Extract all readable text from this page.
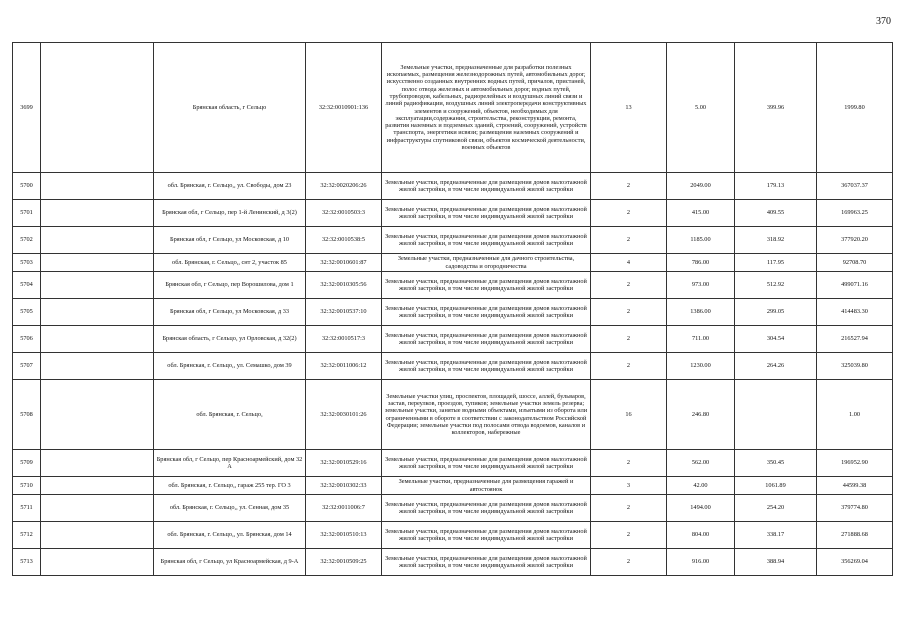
370
3699		Брянская область, г Сельцо	32:32:0010901:136	Земельные участки, предназначенные для разработки полезных ископаемых, размещения железнодорожных путей, автомобильных дорог, искусственно созданных внутренних водных путей, причалов, пристаней, полос отвода железных и автомобильных дорог, водных путей, трубопроводов, кабельных, радиорелейных и воздушных линий связи и линий радиофикации, воздушных линий электропередачи конструктивных элементов и сооружений, объектов, необходимых для эксплуатации,содержания, строительства, реконструкции, ремонта, развития наземных и подземных зданий, строений, сооружений, устройств транспорта, энергетики исвязи; размещения наземных сооружений и инфраструктуры спутниковой связи, объектов космической деятельности, военных объектов	13	5.00	399.96	1999.80
5700		обл. Брянская, г. Сельцо,, ул. Свободы, дом 23	32:32:0020206:26	Земельные участки, предназначенные для размещения домов малоэтажной жилой застройки, в том числе индивидуальной жилой застройки	2	2049.00	179.13	367037.37
5701		Брянская обл, г Сельцо, пер 1-й Ленинский, д 3(2)	32:32:0010503:3	Земельные участки, предназначенные для размещения домов малоэтажной жилой застройки, в том числе индивидуальной жилой застройки	2	415.00	409.55	169963.25
5702		Брянская обл, г Сельцо, ул Московская, д 10	32:32:0010538:5	Земельные участки, предназначенные для размещения домов малоэтажной жилой застройки, в том числе индивидуальной жилой застройки	2	1185.00	318.92	377920.20
5703		обл. Брянская, г. Сельцо,, снт 2, участок 85	32:32:0010601:87	Земельные участки, предназначенные для дачного строительства, садоводства и огородничества	4	786.00	117.95	92708.70
5704		Брянская обл, г Сельцо, пер Ворошилова, дом 1	32:32:0010305:56	Земельные участки, предназначенные для размещения домов малоэтажной жилой застройки, в том числе индивидуальной жилой застройки	2	973.00	512.92	499071.16
5705		Брянская обл, г Сельцо, ул Московская, д 33	32:32:0010537:10	Земельные участки, предназначенные для размещения домов малоэтажной жилой застройки, в том числе индивидуальной жилой застройки	2	1386.00	299.05	414483.30
5706		Брянская область, г Сельцо, ул Орловская, д 32(2)	32:32:0010517:3	Земельные участки, предназначенные для размещения домов малоэтажной жилой застройки, в том числе индивидуальной жилой застройки	2	711.00	304.54	216527.94
5707		обл. Брянская, г. Сельцо,, ул. Семашко, дом 39	32:32:0011006:12	Земельные участки, предназначенные для размещения домов малоэтажной жилой застройки, в том числе индивидуальной жилой застройки	2	1230.00	264.26	325039.80
5708		обл. Брянская, г. Сельцо,	32:32:0030101:26	Земельные участки улиц, проспектов, площадей, шоссе, аллей, бульваров, застав, переулков, проездов, тупиков; земельные участки земель резерва; земельные участки, занятые водными объектами, изъятыми из оборота или ограниченными в обороте в соответствии с законодательством Российской Федерации; земельные участки под полосами отвода водоемов, каналов и коллекторов, набережные	16	246.80		1.00
5709		Брянская обл, г Сельцо, пер Красноармейский, дом 32 А	32:32:0010529:16	Земельные участки, предназначенные для размещения домов малоэтажной жилой застройки, в том числе индивидуальной жилой застройки	2	562.00	350.45	196952.90
5710		обл. Брянская, г. Сельцо,, гараж 255 тер. ГО 3	32:32:0010302:33	Земельные участки, предназначенные для размещения гаражей и автостоянок	3	42.00	1061.89	44599.38
5711		обл. Брянская, г. Сельцо,, ул. Сенная, дом 35	32:32:0011006:7	Земельные участки, предназначенные для размещения домов малоэтажной жилой застройки, в том числе индивидуальной жилой застройки	2	1494.00	254.20	379774.80
5712		обл. Брянская, г. Сельцо,, ул. Брянская, дом 14	32:32:0010510:13	Земельные участки, предназначенные для размещения домов малоэтажной жилой застройки, в том числе индивидуальной жилой застройки	2	804.00	338.17	271888.68
5713		Брянская обл, г Сельцо, ул Красноармейская, д 9-А	32:32:0010509:25	Земельные участки, предназначенные для размещения домов малоэтажной жилой застройки, в том числе индивидуальной жилой застройки	2	916.00	388.94	356269.04
